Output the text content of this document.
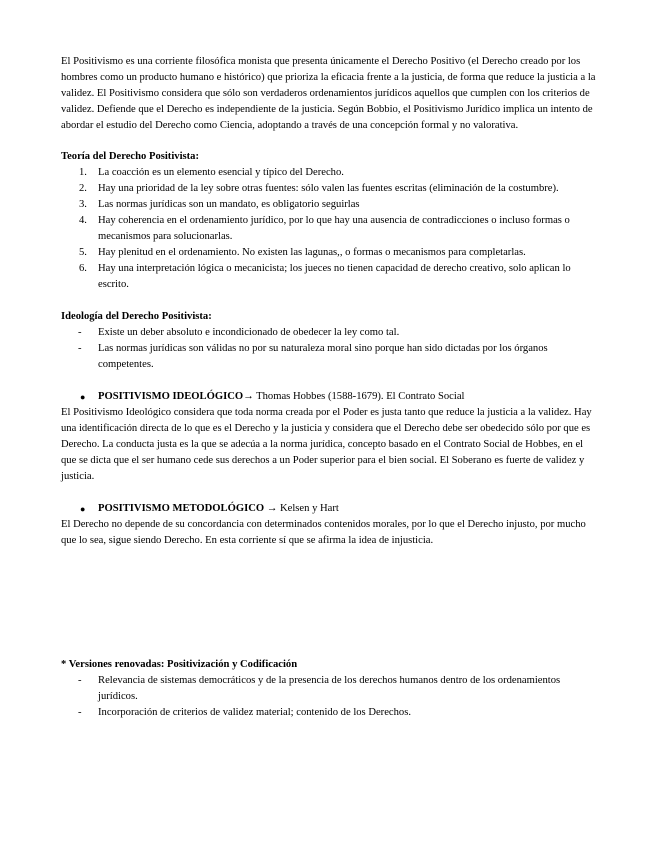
El Positivismo es una corriente filosófica monista que presenta únicamente el Derecho Positivo (el Derecho creado por los hombres como un producto humano e histórico) que prioriza la eficacia frente a la justicia, de forma que reduce la justicia a la validez. El Positivismo considera que sólo son verdaderos ordenamientos jurídicos aquellos que cumplen con los criterios de validez. Defiende que el Derecho es independiente de la justicia. Según Bobbio, el Positivismo Jurídico implica un intento de abordar el estudio del Derecho como Ciencia, adoptando a través de una concepción formal y no valorativa.

Teoría del Derecho Positivista:

1. La coacción es un elemento esencial y típico del Derecho.
2. Hay una prioridad de la ley sobre otras fuentes: sólo valen las fuentes escritas (eliminación de la costumbre).
3. Las normas jurídicas son un mandato, es obligatorio seguirlas
4. Hay coherencia en el ordenamiento jurídico, por lo que hay una ausencia de contradicciones o incluso formas o mecanismos para solucionarlas.
5. Hay plenitud en el ordenamiento. No existen las lagunas,, o formas o mecanismos para completarlas.
6. Hay una interpretación lógica o mecanicista; los jueces no tienen capacidad de derecho creativo, solo aplican lo escrito.

Ideología del Derecho Positivista:

- Existe un deber absoluto e incondicionado de obedecer la ley como tal.
- Las normas jurídicas son válidas no por su naturaleza moral sino porque han sido dictadas por los órganos competentes.

● POSITIVISMO IDEOLÓGICO→ Thomas Hobbes (1588-1679). El Contrato Social

El Positivismo Ideológico considera que toda norma creada por el Poder es justa tanto que reduce la justicia a la validez. Hay una identificación directa de lo que es el Derecho y la justicia y considera que el Derecho debe ser obedecido sólo por que es Derecho. La conducta justa es la que se adecúa a la norma jurídica, concepto basado en el Contrato Social de Hobbes, en el que se dicta que el ser humano cede sus derechos a un Poder superior para el bien social. El Soberano es fuerte de validez y justicia.

● POSITIVISMO METODOLÓGICO → Kelsen y Hart

El Derecho no depende de su concordancia con determinados contenidos morales, por lo que el Derecho injusto, por mucho que lo sea, sigue siendo Derecho. En esta corriente sí que se afirma la idea de injusticia.

* Versiones renovadas: Positivización y Codificación

- Relevancia de sistemas democráticos y de la presencia de los derechos humanos dentro de los ordenamientos jurídicos.
- Incorporación de criterios de validez material; contenido de los Derechos.
